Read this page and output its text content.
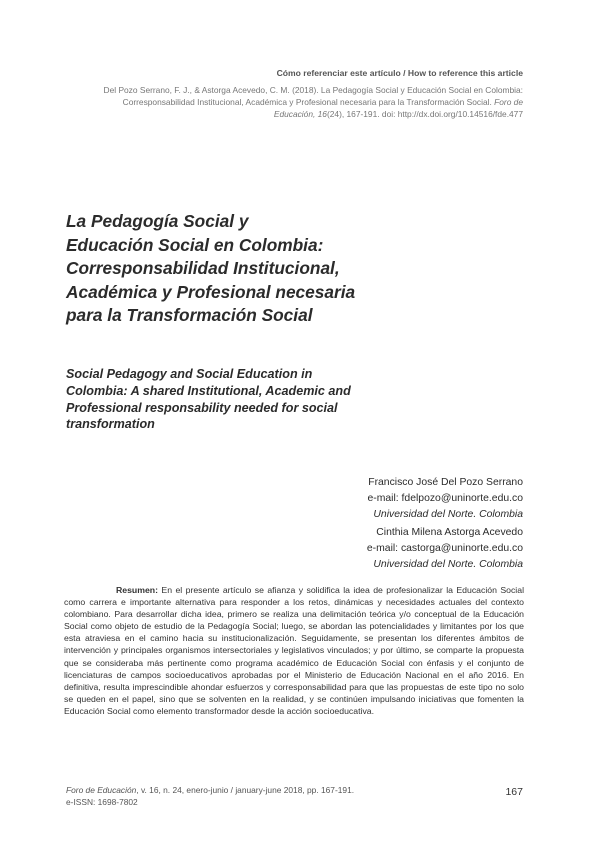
Cómo referenciar este artículo / How to reference this article
Del Pozo Serrano, F. J., & Astorga Acevedo, C. M. (2018). La Pedagogía Social y Educación Social en Colombia:
Corresponsabilidad Institucional, Académica y Profesional necesaria para la Transformación Social. Foro de
Educación, 16(24), 167-191. doi: http://dx.doi.org/10.14516/fde.477
La Pedagogía Social y
Educación Social en Colombia:
Corresponsabilidad Institucional,
Académica y Profesional necesaria
para la Transformación Social
Social Pedagogy and Social Education in
Colombia: A shared Institutional, Academic and
Professional responsability needed for social
transformation
Francisco José Del Pozo Serrano
e-mail: fdelpozo@uninorte.edu.co
Universidad del Norte. Colombia
Cinthia Milena Astorga Acevedo
e-mail: castorga@uninorte.edu.co
Universidad del Norte. Colombia
Resumen: En el presente artículo se afianza y solidifica la idea de profesionalizar la Educación Social como carrera e importante alternativa para responder a los retos, dinámicas y necesidades actuales del contexto colombiano. Para desarrollar dicha idea, primero se realiza una delimitación teórica y/o conceptual de la Educación Social como objeto de estudio de la Pedagogía Social; luego, se abordan las potencialidades y limitantes por los que esta atraviesa en el camino hacia su institucionalización. Seguidamente, se presentan los diferentes ámbitos de intervención y principales organismos intersectoriales y legislativos vinculados; y por último, se comparte la propuesta que se consideraba más pertinente como programa académico de Educación Social con énfasis y el conjunto de licenciaturas de campos socioeducativos aprobadas por el Ministerio de Educación Nacional en el año 2016. En definitiva, resulta imprescindible ahondar esfuerzos y corresponsabilidad para que las propuestas de este tipo no solo se queden en el papel, sino que se solventen en la realidad, y se continúen impulsando iniciativas que fomenten la Educación Social como elemento transformador desde la acción socioeducativa.
Foro de Educación, v. 16, n. 24, enero-junio / january-june 2018, pp. 167-191.
e-ISSN: 1698-7802
167
